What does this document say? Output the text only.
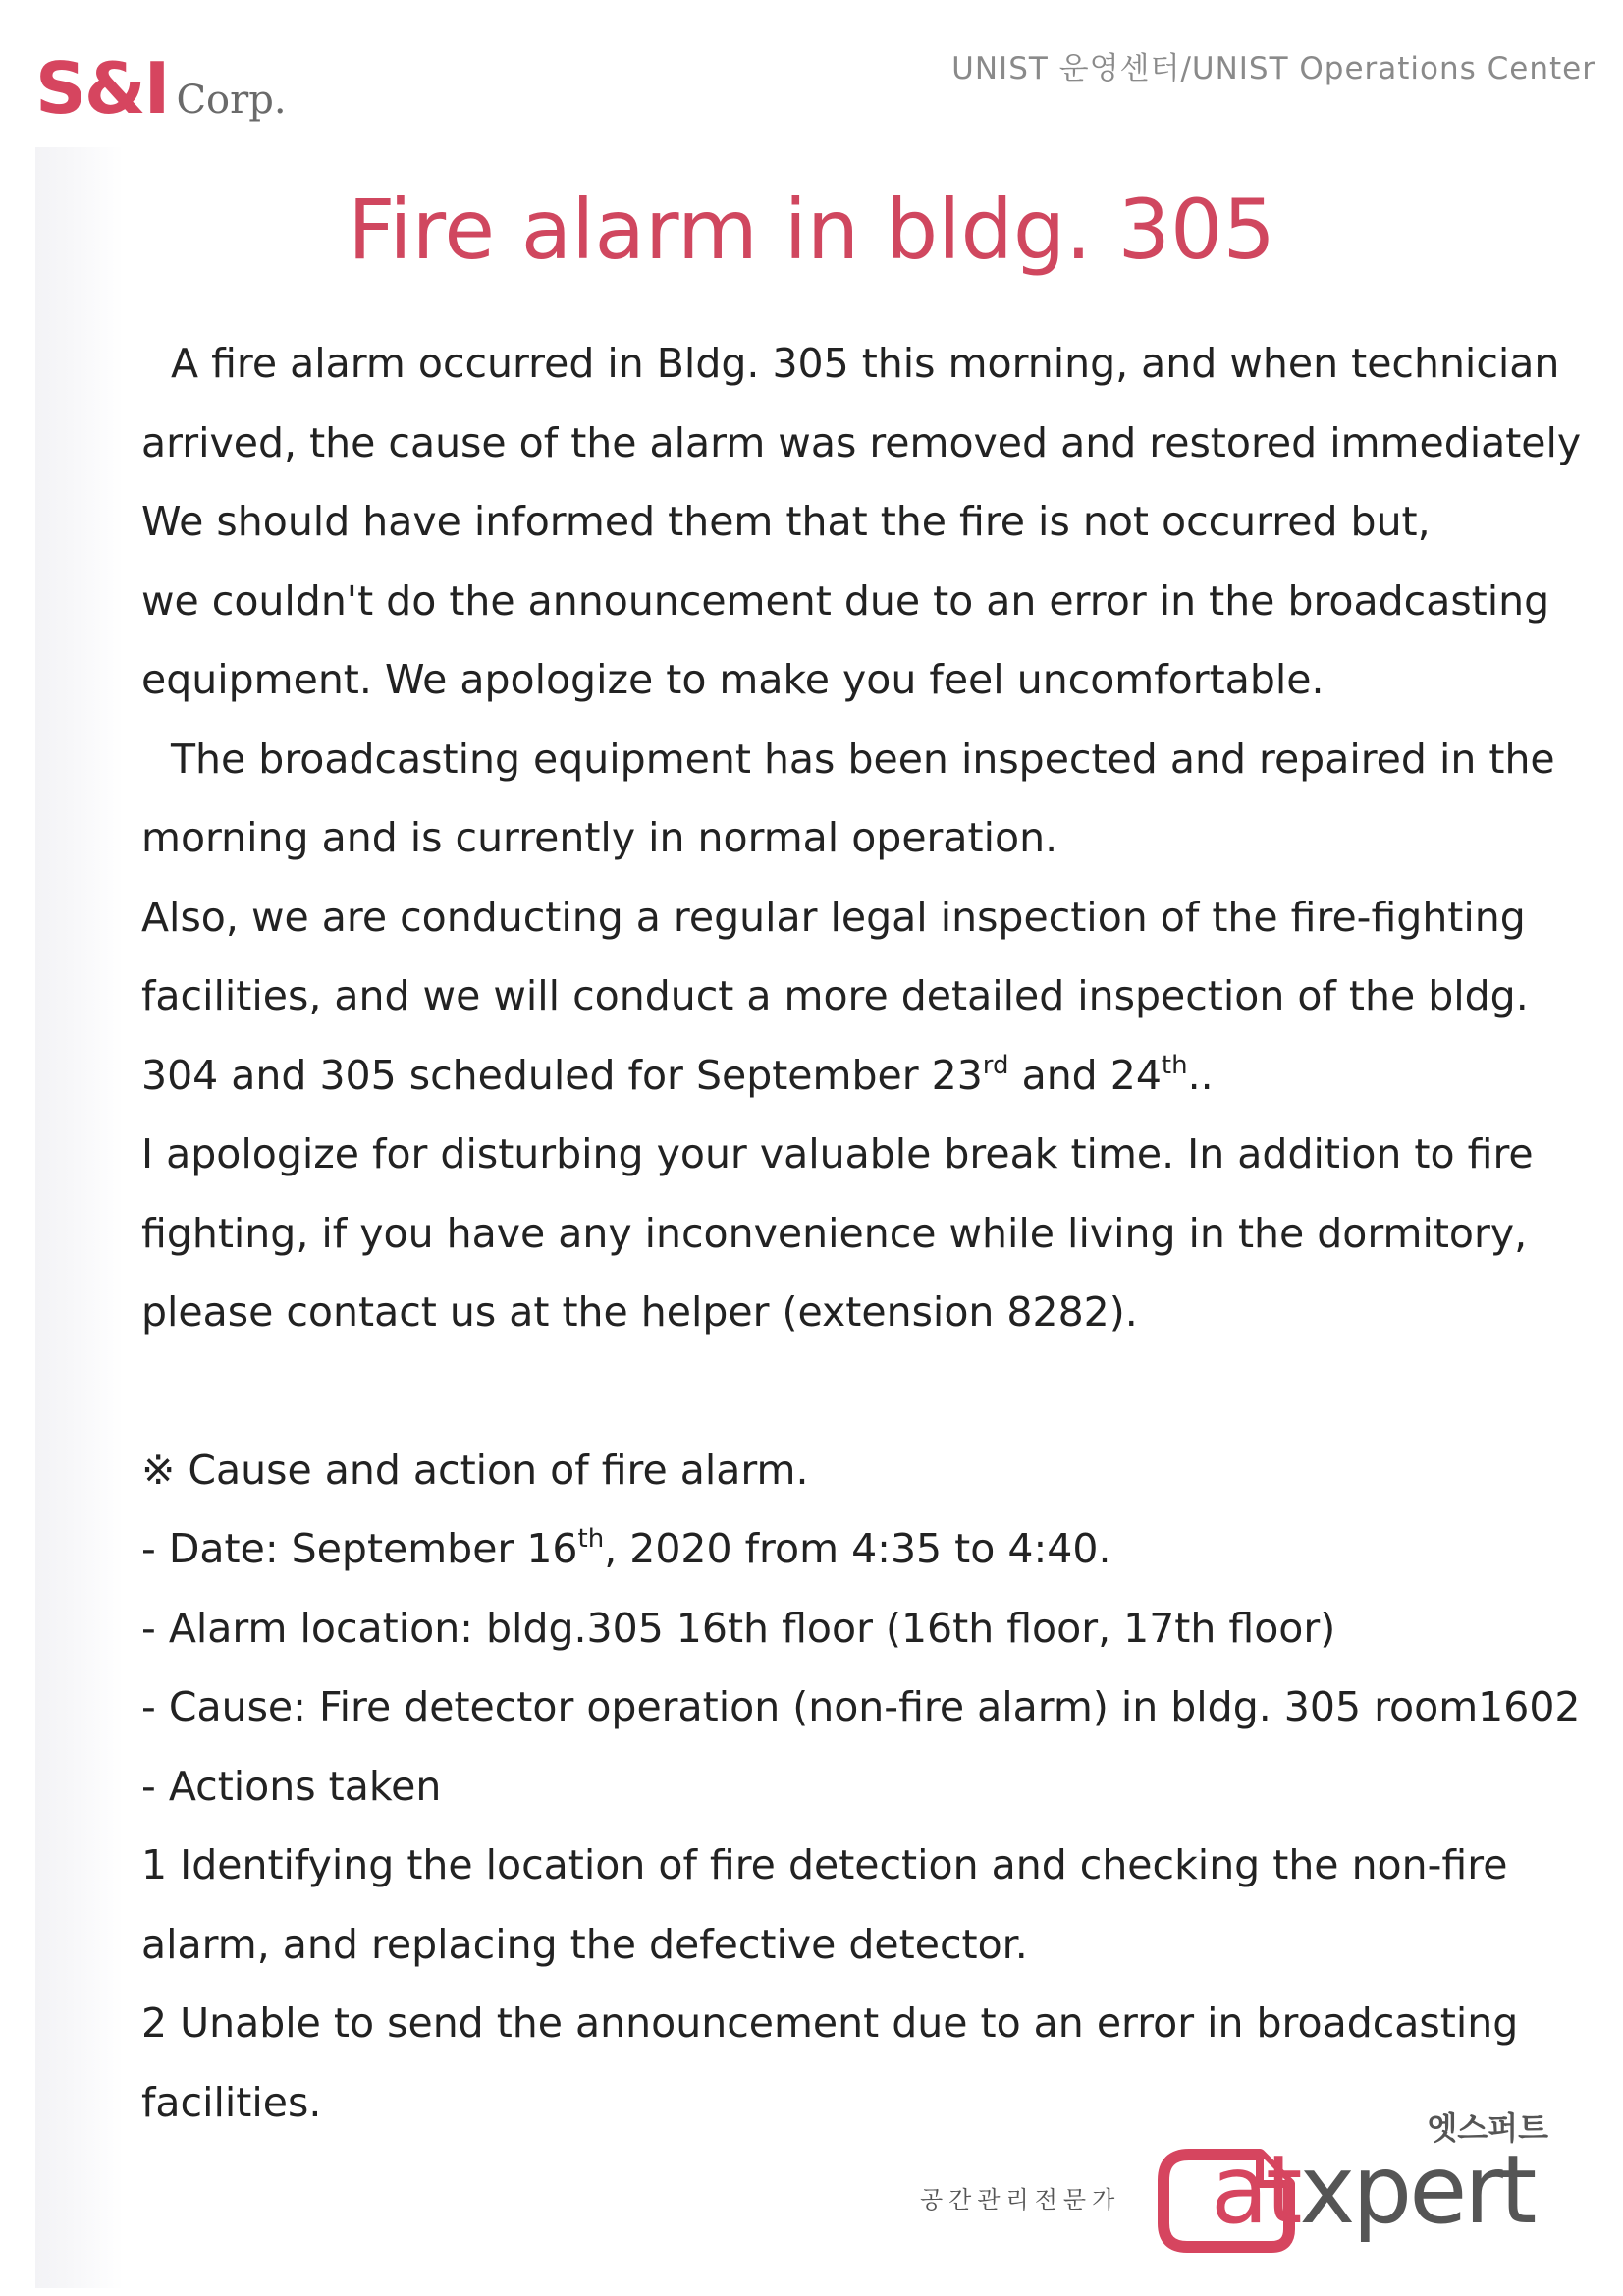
S&I Corp.
UNIST 운영센터/UNIST Operations Center
Fire alarm in bldg. 305

A fire alarm occurred in Bldg. 305 this morning, and when technician

arrived, the cause of the alarm was removed and restored immediately

We should have informed them that the fire is not occurred but,

we couldn't do the announcement due to an error in the broadcasting

equipment. We apologize to make you feel uncomfortable.

The broadcasting equipment has been inspected and repaired in the

morning and is currently in normal operation.

Also, we are conducting a regular legal inspection of the fire-fighting

facilities, and we will conduct a more detailed inspection of the bldg.

304 and 305 scheduled for September 23rd and 24th..

I apologize for disturbing your valuable break time. In addition to fire

fighting, if you have any inconvenience while living in the dormitory,

please contact us at the helper (extension 8282).

※ Cause and action of fire alarm.

- Date: September 16th, 2020 from 4:35 to 4:40.

- Alarm location: bldg.305 16th floor (16th floor, 17th floor)

- Cause: Fire detector operation (non-fire alarm) in bldg. 305 room1602

- Actions taken

1 Identifying the location of fire detection and checking the non-fire

alarm, and replacing the defective detector.

2 Unable to send the announcement due to an error in broadcasting

facilities.

공간관리전문가
엣스퍼트
atxpert
